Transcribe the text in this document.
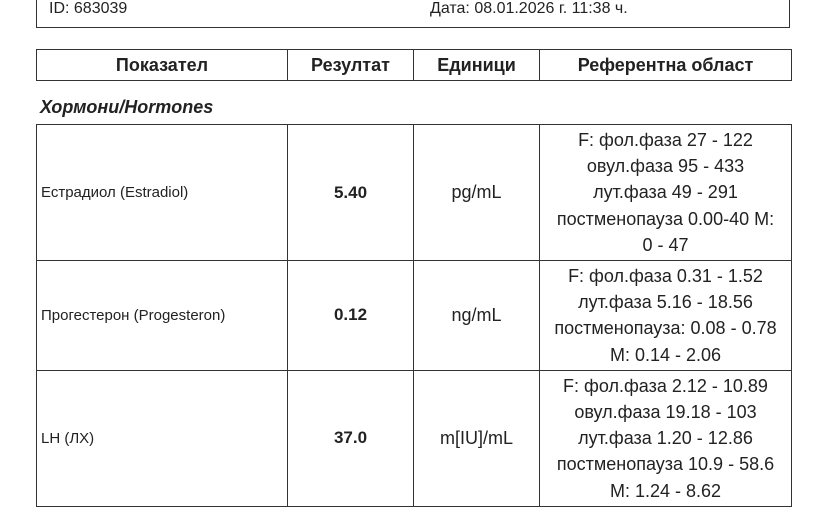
ID: 683039	Дата: 08.01.2026 г. 11:38 ч.
Показател	Резултат	Единици	Референтна област
Хормони/Hormones
Естрадиол (Estradiol)	5.40	pg/mL	F: фол.фаза 27 - 122
овул.фаза 95 - 433
лут.фаза 49 - 291
постменопауза 0.00-40 M:
0 - 47

Прогестерон (Progesteron)	0.12	ng/mL	F: фол.фаза 0.31 - 1.52
лут.фаза 5.16 - 18.56
постменопауза: 0.08 - 0.78
M: 0.14 - 2.06

LH (ЛХ)	37.0	m[IU]/mL	F: фол.фаза 2.12 - 10.89
овул.фаза 19.18 - 103
лут.фаза 1.20 - 12.86
постменопауза 10.9 - 58.6
M: 1.24 - 8.62
